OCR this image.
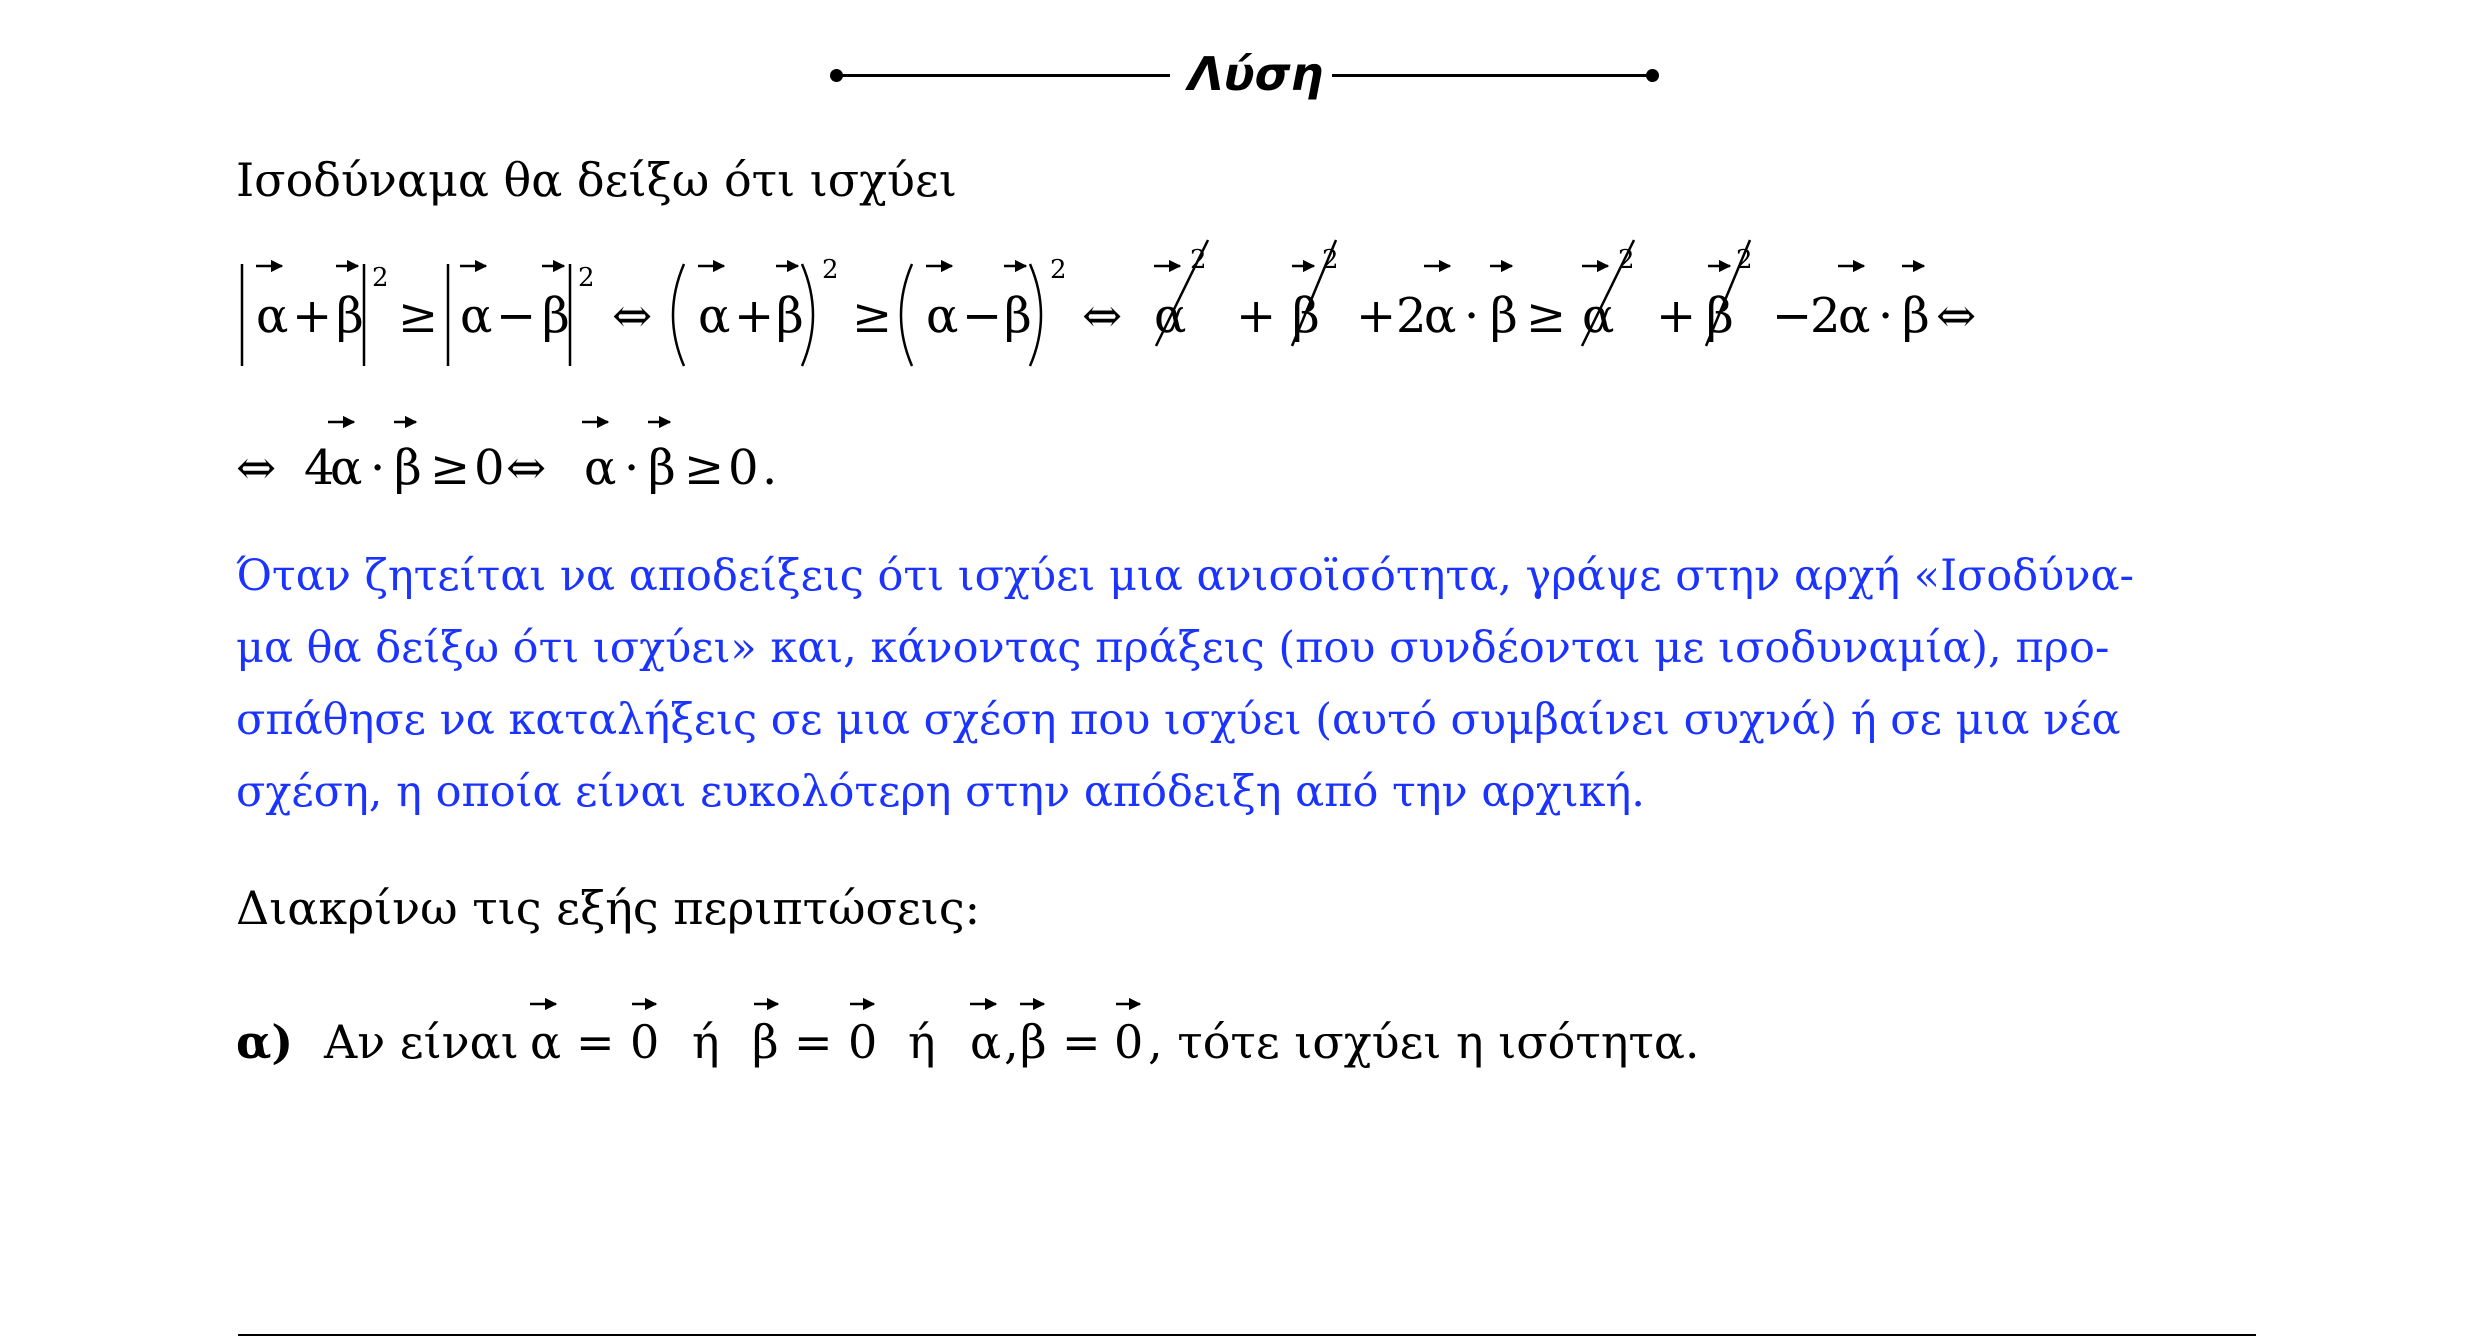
Λύση
Ισοδύναμα θα δείξω ότι ισχύει
α + β
2
≥ α − β
2
⇔ α + β
2
≥ α − β
2
⇔ α
2
+ β
2
+ 2
α · β ≥ α
2
+ β
2
−
2
α · β ⇔
⇔ 4
α · β ≥ 0 ⇔ α · β ≥ 0 .
Όταν ζητείται να αποδείξεις ότι ισχύει μια ανισοϊσότητα, γράψε στην αρχή «Ισοδύνα-
μα θα δείξω ότι ισχύει» και, κάνοντας πράξεις (που συνδέονται με ισοδυναμία), προ-
σπάθησε να καταλήξεις σε μια σχέση που ισχύει (αυτό συμβαίνει συχνά) ή σε μια νέα
σχέση, η οποία είναι ευκολότερη στην απόδειξη από την αρχική.
Διακρίνω τις εξής περιπτώσεις:
α) Αν είναι α = 0 ή β = 0 ή α , β = 0 , τότε ισχύει η ισότητα.
